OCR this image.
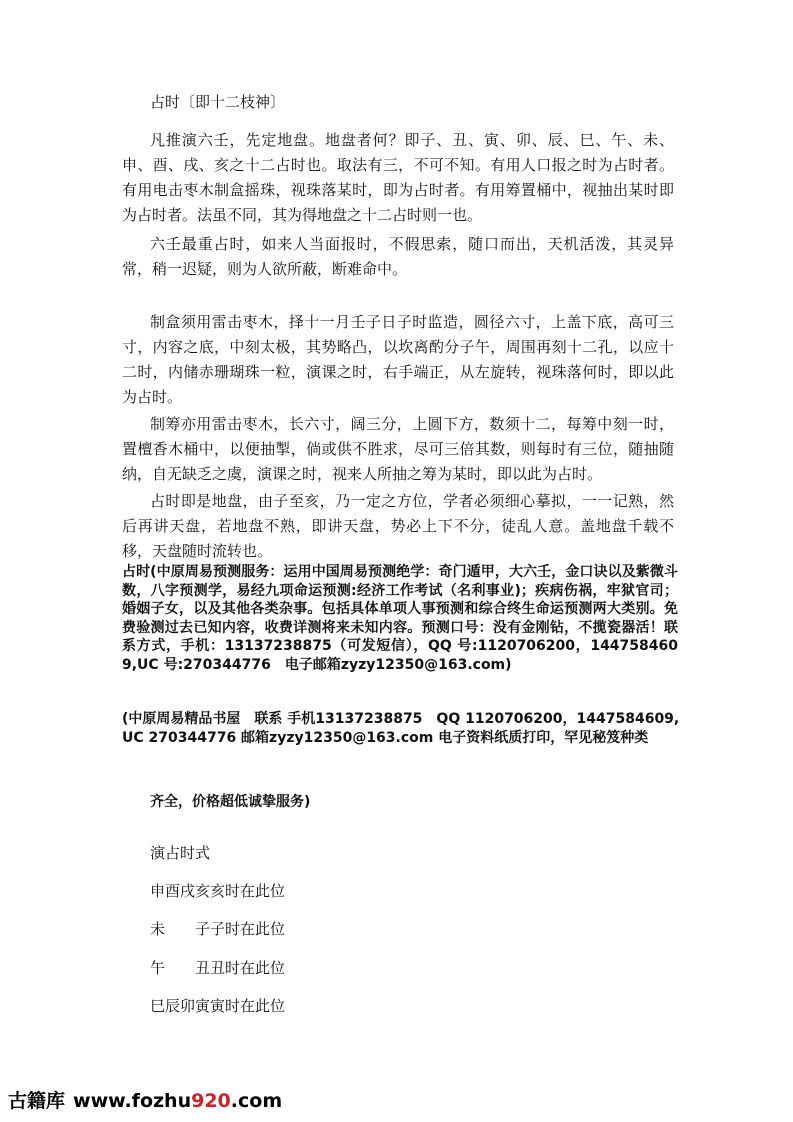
占时〔即十二枝神〕

凡推演六壬，先定地盘。地盘者何？即子、丑、寅、卯、辰、巳、午、未、申、酉、戌、亥之十二占时也。取法有三，不可不知。有用人口报之时为占时者。有用电击枣木制盒摇珠，视珠落某时，即为占时者。有用筹置桶中，视抽出某时即为占时者。法虽不同，其为得地盘之十二占时则一也。

六壬最重占时，如来人当面报时，不假思索，随口而出，天机活泼，其灵异常，稍一迟疑，则为人欲所蔽，断难命中。

制盒须用雷击枣木，择十一月壬子日子时监造，圆径六寸，上盖下底，高可三寸，内容之底，中刻太极，其势略凸，以坎离酌分子午，周围再刻十二孔，以应十二时，内储赤珊瑚珠一粒，演课之时，右手端正，从左旋转，视珠落何时，即以此为占时。

制筹亦用雷击枣木，长六寸，阔三分，上圆下方，数须十二，每筹中刻一时，置檀香木桶中，以便抽掣，倘或供不胜求，尽可三倍其数，则每时有三位，随抽随纳，自无缺乏之虞，演课之时，视来人所抽之筹为某时，即以此为占时。

占时即是地盘，由子至亥，乃一定之方位，学者必须细心摹拟，一一记熟，然后再讲天盘，若地盘不熟，即讲天盘，势必上下不分，徒乱人意。盖地盘千载不移，天盘随时流转也。

占时(中原周易预测服务：运用中国周易预测绝学：奇门遁甲，大六壬，金口诀以及紫微斗数，八字预测学，易经九项命运预测:经济工作考试（名利事业)；疾病伤祸，牢狱官司；婚姻子女，以及其他各类杂事。包括具体单项人事预测和综合终生命运预测两大类别。免费验测过去已知内容，收费详测将来未知内容。预测口号：没有金刚钻，不揽瓷器活！联系方式，手机：13137238875（可发短信），QQ 号:1120706200，1447584609,UC 号:270344776　电子邮箱zyzy12350@163.com)

(中原周易精品书屋　联系 手机13137238875　QQ 1120706200，1447584609,　UC 270344776 邮箱zyzy12350@163.com 电子资料纸质打印，罕见秘笈种类

齐全，价格超低诚挚服务)

演占时式
申酉戌亥亥时在此位
未　　子子时在此位
午　　丑丑时在此位
巳辰卯寅寅时在此位
古籍库 www.fozhu920.com
